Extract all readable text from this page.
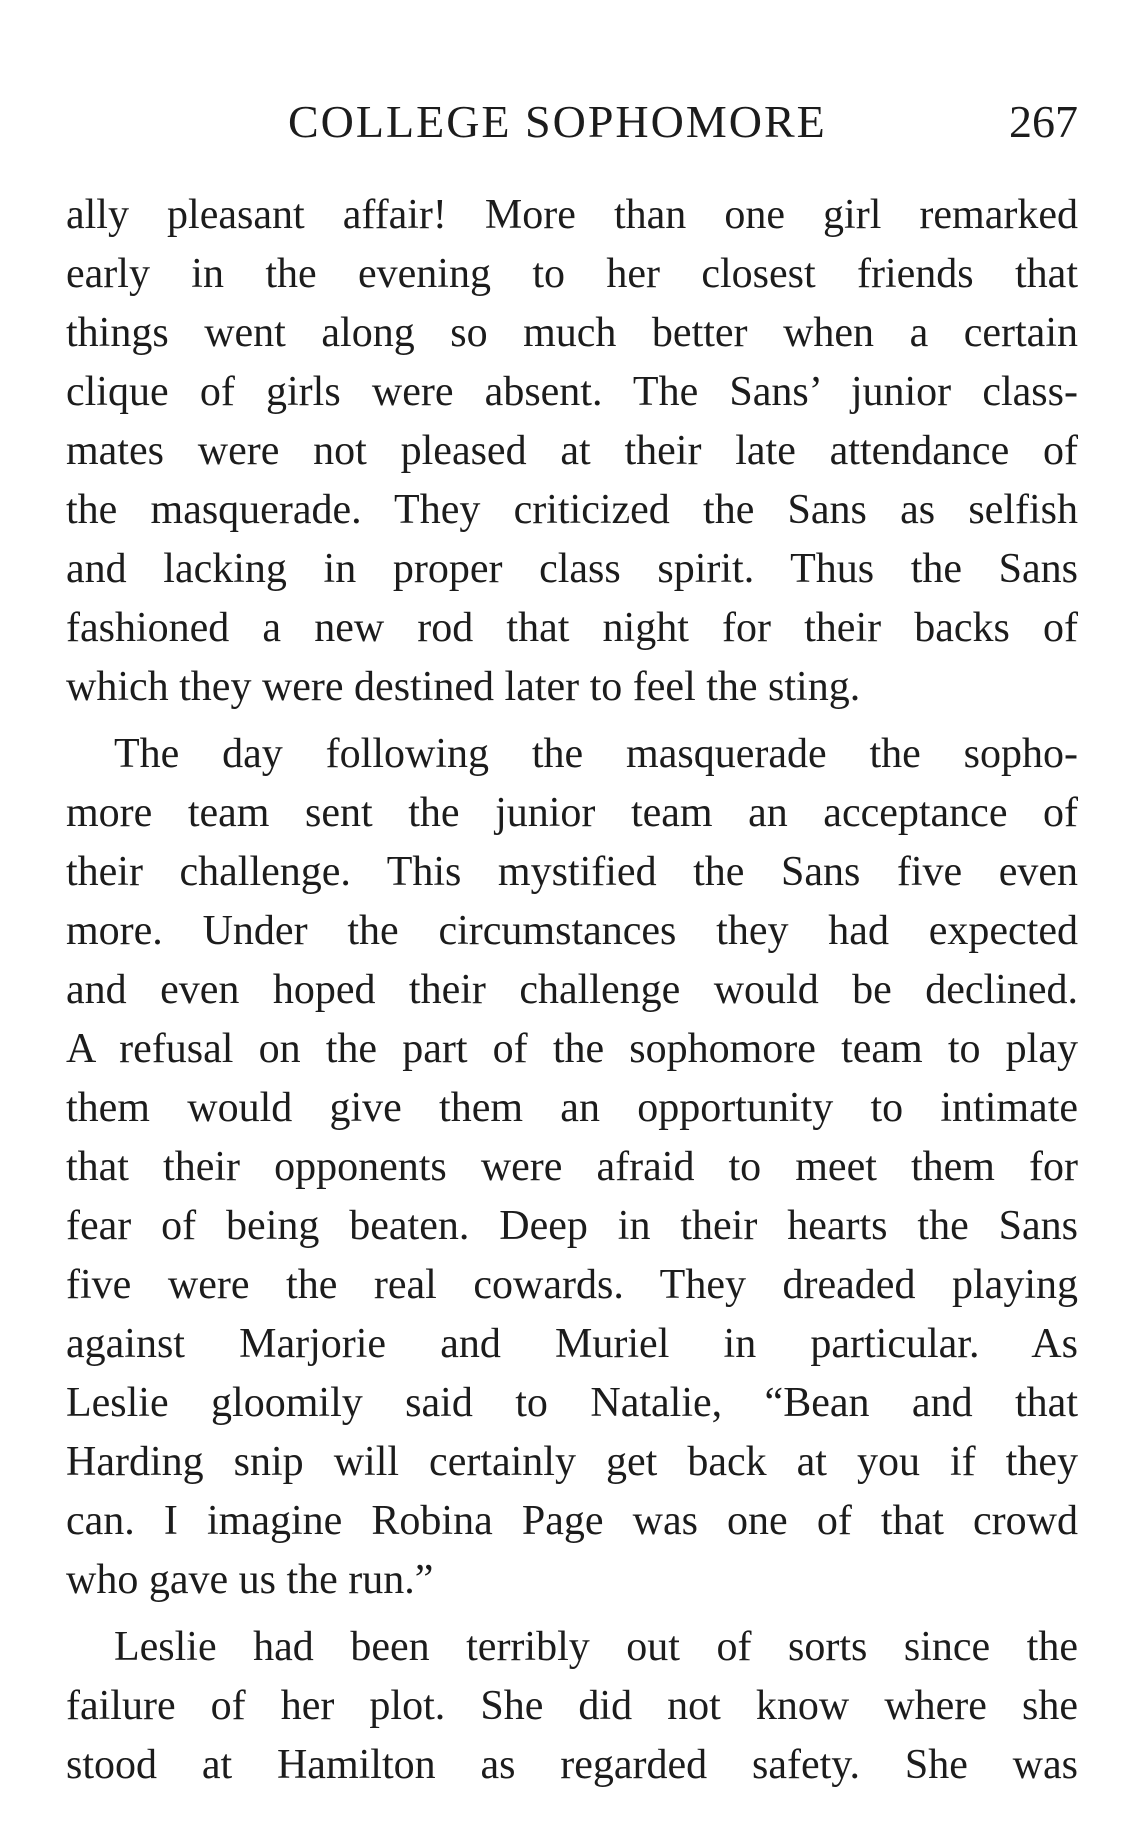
COLLEGE SOPHOMORE	267

ally pleasant affair! More than one girl remarked
early in the evening to her closest friends that
things went along so much better when a certain
clique of girls were absent. The Sans’ junior class-
mates were not pleased at their late attendance of
the masquerade. They criticized the Sans as selfish
and lacking in proper class spirit. Thus the Sans
fashioned a new rod that night for their backs of
which they were destined later to feel the sting.

The day following the masquerade the sopho-
more team sent the junior team an acceptance of
their challenge. This mystified the Sans five even
more. Under the circumstances they had expected
and even hoped their challenge would be declined.
A refusal on the part of the sophomore team to play
them would give them an opportunity to intimate
that their opponents were afraid to meet them for
fear of being beaten. Deep in their hearts the Sans
five were the real cowards. They dreaded playing
against Marjorie and Muriel in particular. As
Leslie gloomily said to Natalie, “Bean and that
Harding snip will certainly get back at you if they
can. I imagine Robina Page was one of that crowd
who gave us the run.”

Leslie had been terribly out of sorts since the
failure of her plot. She did not know where she
stood at Hamilton as regarded safety. She was
